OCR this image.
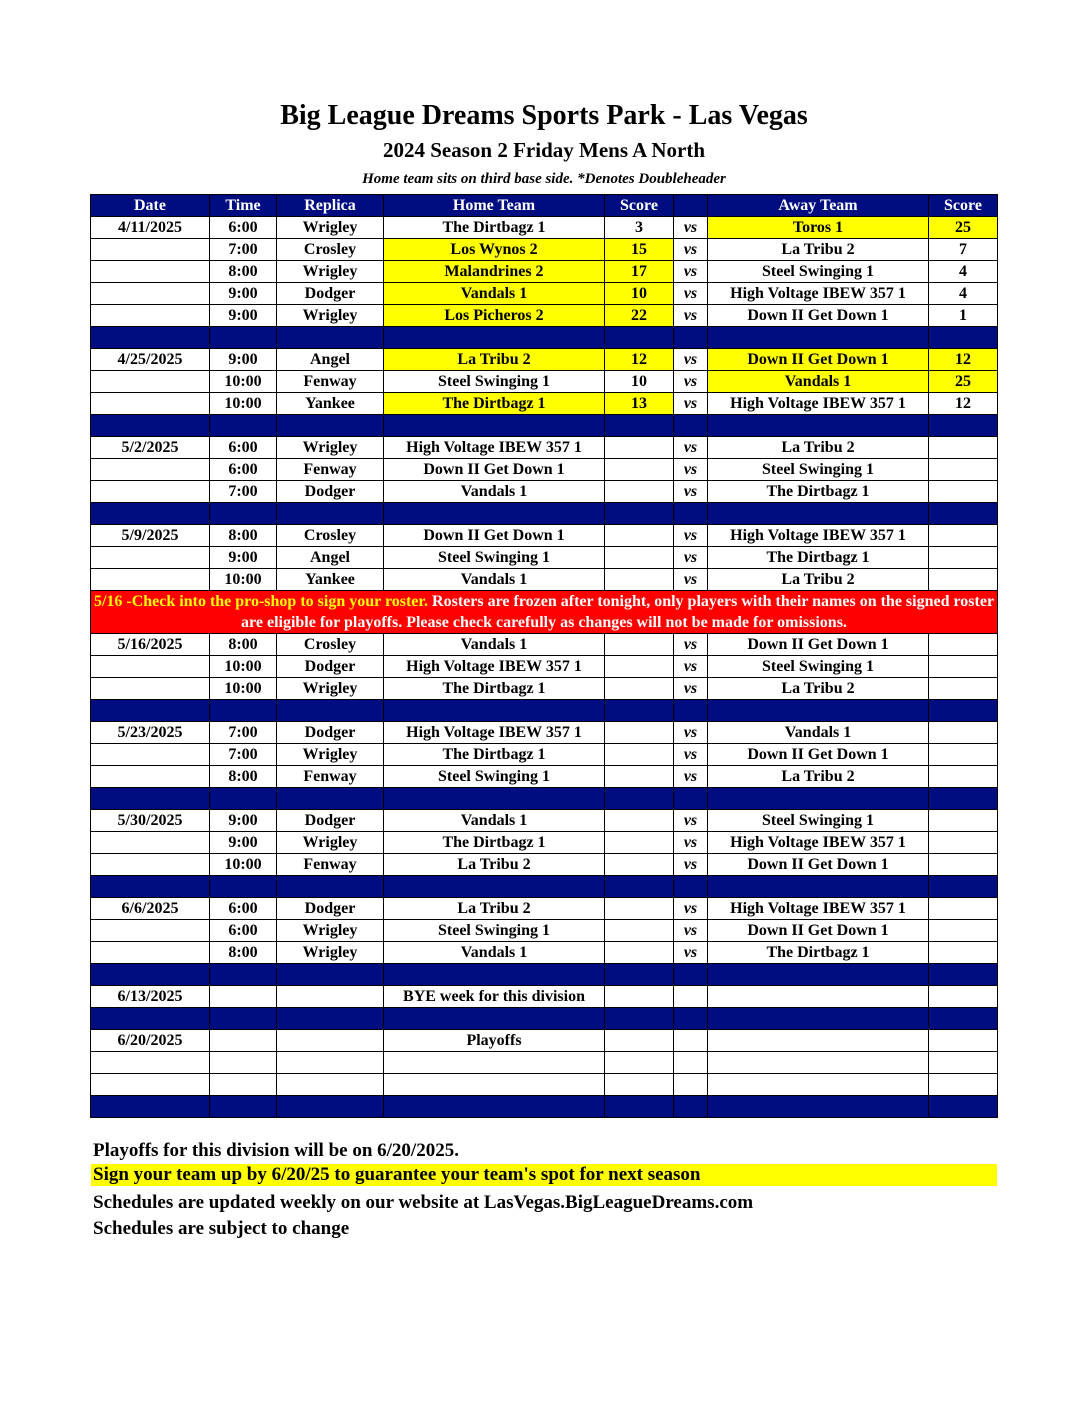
Big League Dreams Sports Park - Las Vegas
2024 Season 2 Friday Mens A North
Home team sits on third base side. *Denotes Doubleheader
Date	Time	Replica	Home Team	Score		Away Team	Score
4/11/2025	6:00	Wrigley	The Dirtbagz 1	3	vs	Toros 1	25
	7:00	Crosley	Los Wynos 2	15	vs	La Tribu 2	7
	8:00	Wrigley	Malandrines 2	17	vs	Steel Swinging 1	4
	9:00	Dodger	Vandals 1	10	vs	High Voltage IBEW 357 1	4
	9:00	Wrigley	Los Picheros 2	22	vs	Down II Get Down 1	1

4/25/2025	9:00	Angel	La Tribu 2	12	vs	Down II Get Down 1	12
	10:00	Fenway	Steel Swinging 1	10	vs	Vandals 1	25
	10:00	Yankee	The Dirtbagz 1	13	vs	High Voltage IBEW 357 1	12

5/2/2025	6:00	Wrigley	High Voltage IBEW 357 1		vs	La Tribu 2	
	6:00	Fenway	Down II Get Down 1		vs	Steel Swinging 1	
	7:00	Dodger	Vandals 1		vs	The Dirtbagz 1	

5/9/2025	8:00	Crosley	Down II Get Down 1		vs	High Voltage IBEW 357 1	
	9:00	Angel	Steel Swinging 1		vs	The Dirtbagz 1	
	10:00	Yankee	Vandals 1		vs	La Tribu 2	
5/16 -Check into the pro-shop to sign your roster. Rosters are frozen after tonight, only players with their names on the signed roster are eligible for playoffs. Please check carefully as changes will not be made for omissions.							
5/16/2025	8:00	Crosley	Vandals 1		vs	Down II Get Down 1	
	10:00	Dodger	High Voltage IBEW 357 1		vs	Steel Swinging 1	
	10:00	Wrigley	The Dirtbagz 1		vs	La Tribu 2	

5/23/2025	7:00	Dodger	High Voltage IBEW 357 1		vs	Vandals 1	
	7:00	Wrigley	The Dirtbagz 1		vs	Down II Get Down 1	
	8:00	Fenway	Steel Swinging 1		vs	La Tribu 2	

5/30/2025	9:00	Dodger	Vandals 1		vs	Steel Swinging 1	
	9:00	Wrigley	The Dirtbagz 1		vs	High Voltage IBEW 357 1	
	10:00	Fenway	La Tribu 2		vs	Down II Get Down 1	

6/6/2025	6:00	Dodger	La Tribu 2		vs	High Voltage IBEW 357 1	
	6:00	Wrigley	Steel Swinging 1		vs	Down II Get Down 1	
	8:00	Wrigley	Vandals 1		vs	The Dirtbagz 1	

6/13/2025			BYE week for this division				

6/20/2025			Playoffs				

Playoffs for this division will be on 6/20/2025.
Sign your team up by 6/20/25 to guarantee your team's spot for next season
Schedules are updated weekly on our website at LasVegas.BigLeagueDreams.com
Schedules are subject to change
